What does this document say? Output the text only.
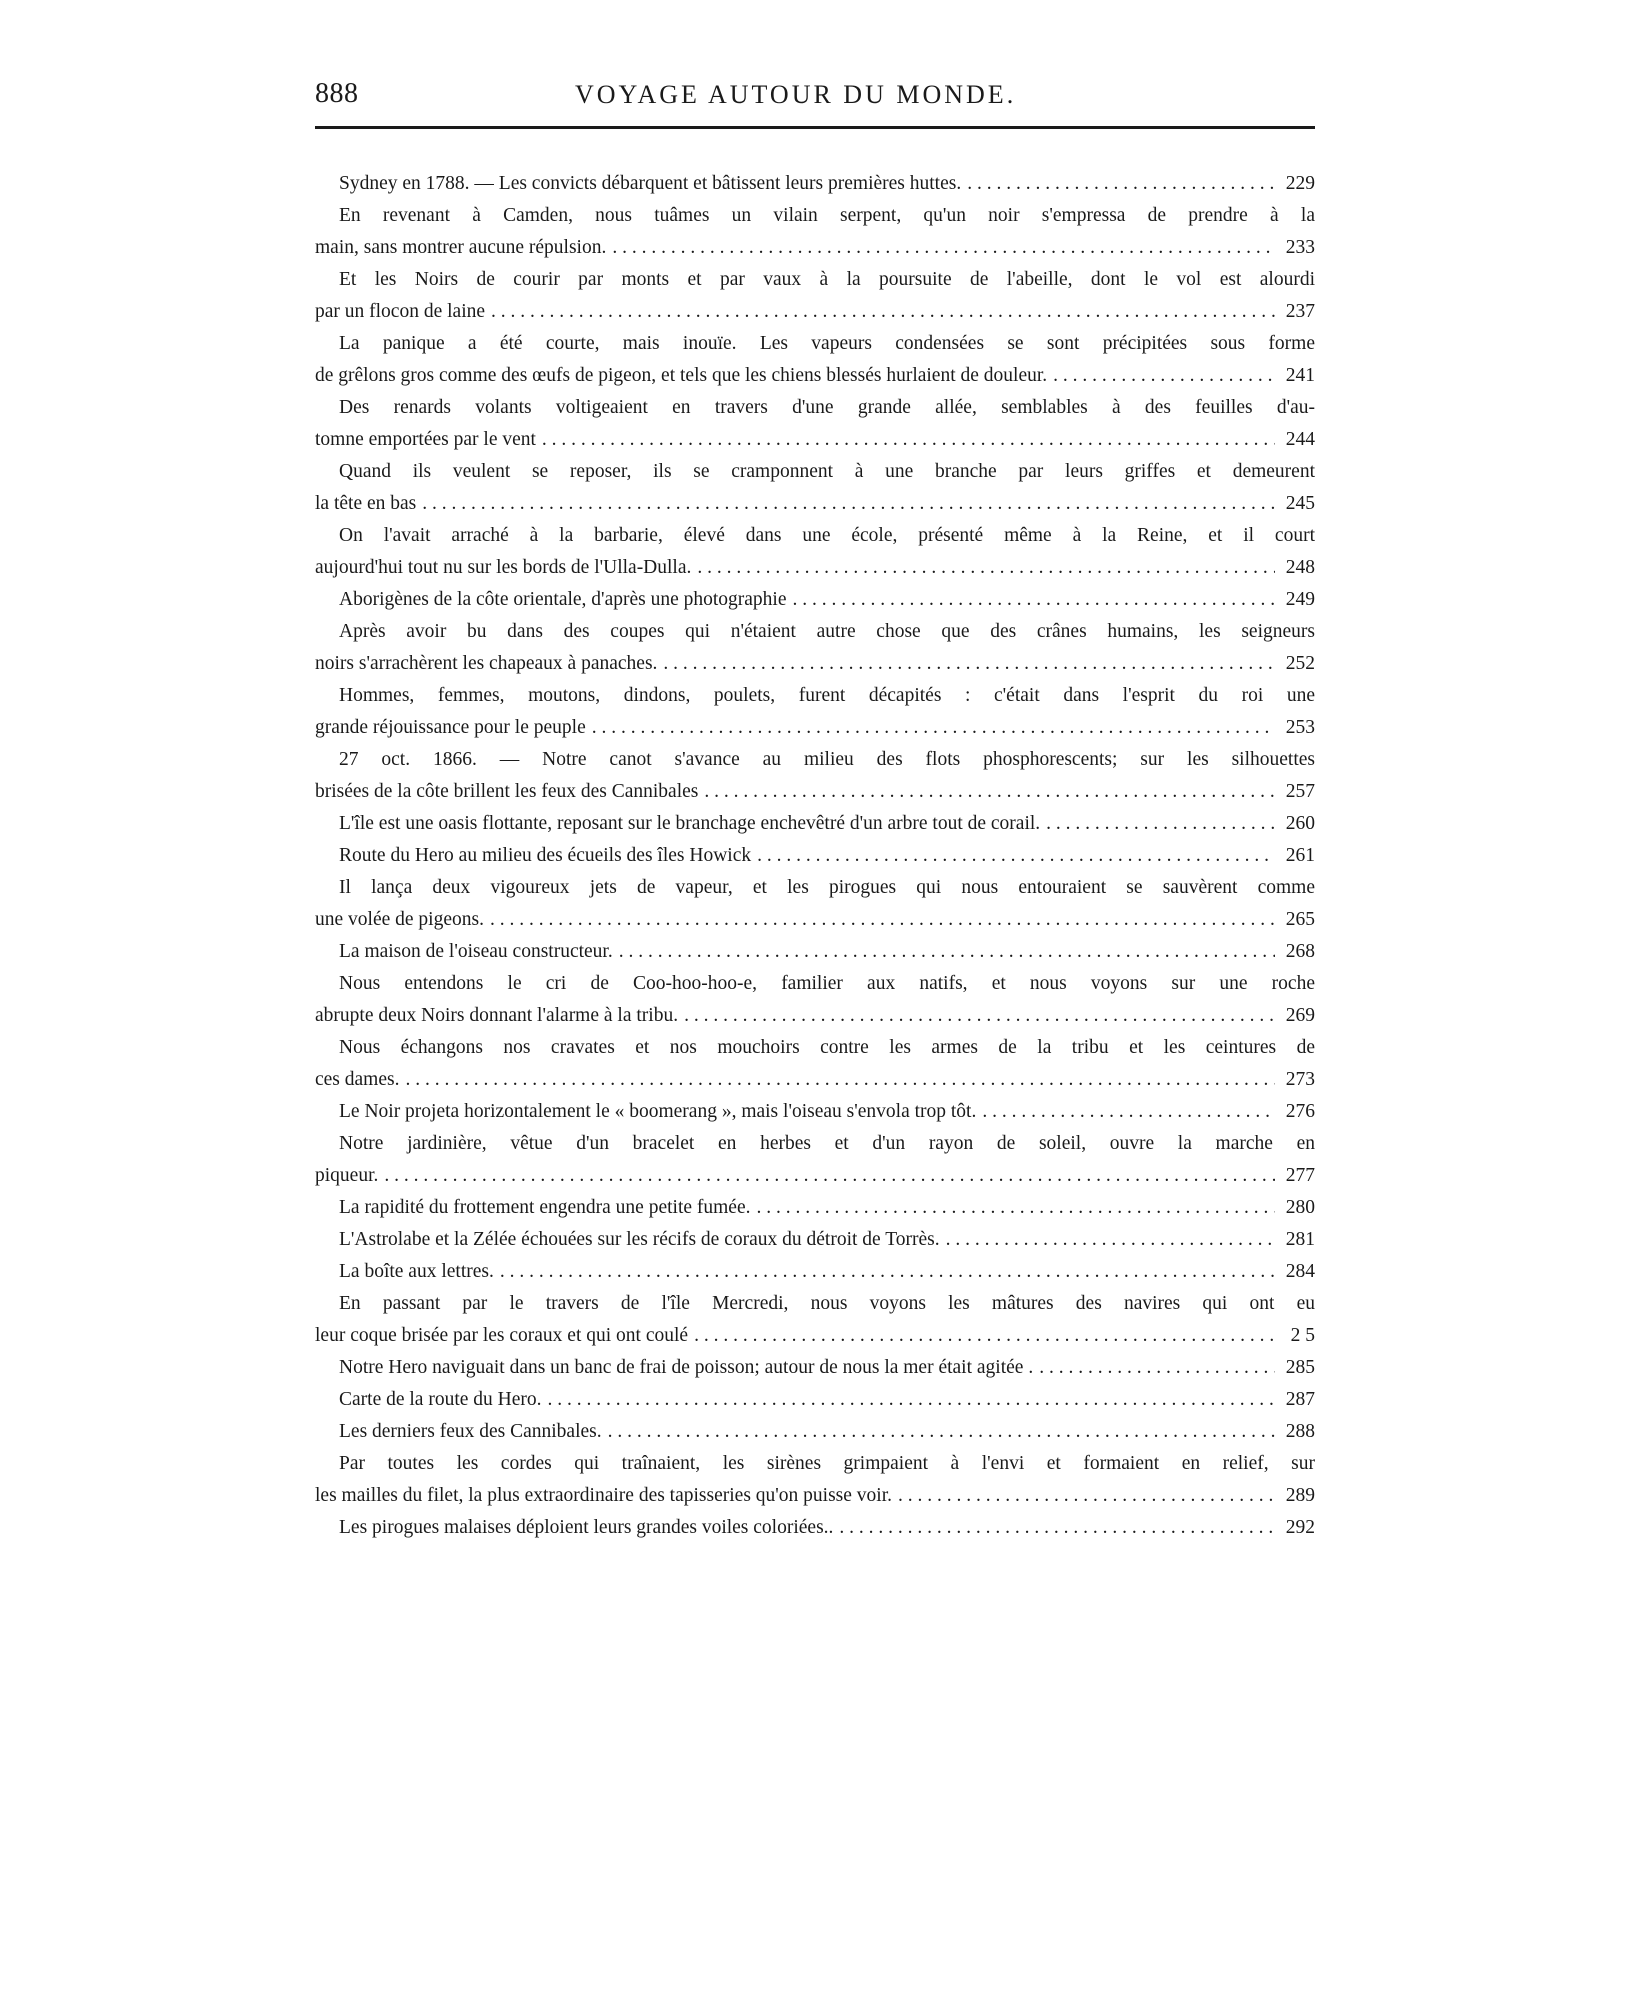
888	VOYAGE AUTOUR DU MONDE.
Sydney en 1788. — Les convicts débarquent et bâtissent leurs premières huttes. . . .	229
En revenant à Camden, nous tuâmes un vilain serpent, qu'un noir s'empressa de prendre à la
main, sans montrer aucune répulsion. . . .	233
Et les Noirs de courir par monts et par vaux à la poursuite de l'abeille, dont le vol est alourdi
par un flocon de laine . . .	237
La panique a été courte, mais inouïe. Les vapeurs condensées se sont précipitées sous forme
de grêlons gros comme des œufs de pigeon, et tels que les chiens blessés hurlaient de douleur. . . .	241
Des renards volants voltigeaient en travers d'une grande allée, semblables à des feuilles d'au-
tomne emportées par le vent . . .	244
Quand ils veulent se reposer, ils se cramponnent à une branche par leurs griffes et demeurent
la tête en bas . . .	245
On l'avait arraché à la barbarie, élevé dans une école, présenté même à la Reine, et il court
aujourd'hui tout nu sur les bords de l'Ulla-Dulla. . . .	248
Aborigènes de la côte orientale, d'après une photographie . . .	249
Après avoir bu dans des coupes qui n'étaient autre chose que des crânes humains, les seigneurs
noirs s'arrachèrent les chapeaux à panaches. . . .	252
Hommes, femmes, moutons, dindons, poulets, furent décapités : c'était dans l'esprit du roi une
grande réjouissance pour le peuple . . .	253
27 oct. 1866. — Notre canot s'avance au milieu des flots phosphorescents; sur les silhouettes
brisées de la côte brillent les feux des Cannibales . . .	257
L'île est une oasis flottante, reposant sur le branchage enchevêtré d'un arbre tout de corail. . . .	260
Route du Hero au milieu des écueils des îles Howick . . .	261
Il lança deux vigoureux jets de vapeur, et les pirogues qui nous entouraient se sauvèrent comme
une volée de pigeons. . . .	265
La maison de l'oiseau constructeur. . . .	268
Nous entendons le cri de Coo-hoo-hoo-e, familier aux natifs, et nous voyons sur une roche
abrupte deux Noirs donnant l'alarme à la tribu. . . .	269
Nous échangons nos cravates et nos mouchoirs contre les armes de la tribu et les ceintures de
ces dames. . . .	273
Le Noir projeta horizontalement le « boomerang », mais l'oiseau s'envola trop tôt. . . .	276
Notre jardinière, vêtue d'un bracelet en herbes et d'un rayon de soleil, ouvre la marche en
piqueur. . . .	277
La rapidité du frottement engendra une petite fumée. . . .	280
L'Astrolabe et la Zélée échouées sur les récifs de coraux du détroit de Torrès. . . .	281
La boîte aux lettres. . . .	284
En passant par le travers de l'île Mercredi, nous voyons les mâtures des navires qui ont eu
leur coque brisée par les coraux et qui ont coulé . . .	2 5
Notre Hero naviguait dans un banc de frai de poisson; autour de nous la mer était agitée . . . .	285
Carte de la route du Hero. . . .	287
Les derniers feux des Cannibales. . . .	288
Par toutes les cordes qui traînaient, les sirènes grimpaient à l'envi et formaient en relief, sur
les mailles du filet, la plus extraordinaire des tapisseries qu'on puisse voir. . . .	289
Les pirogues malaises déploient leurs grandes voiles coloriées.. . . .	292
